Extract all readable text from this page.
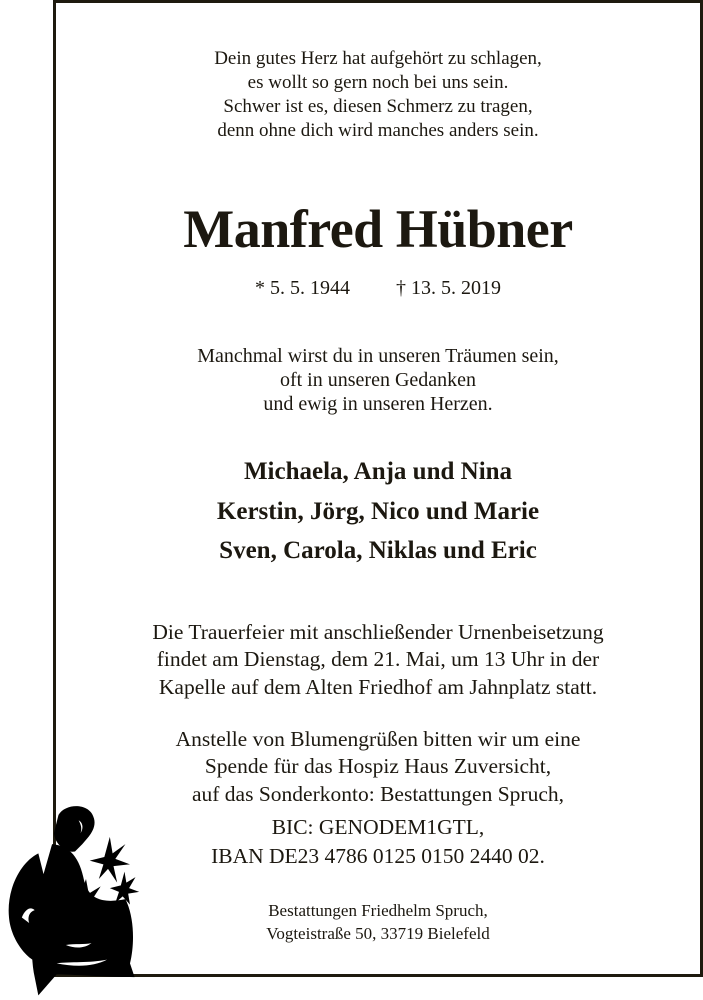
Dein gutes Herz hat aufgehört zu schlagen,
es wollt so gern noch bei uns sein.
Schwer ist es, diesen Schmerz zu tragen,
denn ohne dich wird manches anders sein.
Manfred Hübner
* 5. 5. 1944 † 13. 5. 2019
Manchmal wirst du in unseren Träumen sein,
oft in unseren Gedanken
und ewig in unseren Herzen.
Michaela, Anja und Nina
Kerstin, Jörg, Nico und Marie
Sven, Carola, Niklas und Eric
Die Trauerfeier mit anschließender Urnenbeisetzung
findet am Dienstag, dem 21. Mai, um 13 Uhr in der
Kapelle auf dem Alten Friedhof am Jahnplatz statt.
Anstelle von Blumengrüßen bitten wir um eine
Spende für das Hospiz Haus Zuversicht,
auf das Sonderkonto: Bestattungen Spruch,
BIC: GENODEM1GTL,
IBAN DE23 4786 0125 0150 2440 02.
Bestattungen Friedhelm Spruch,
Vogteistraße 50, 33719 Bielefeld
